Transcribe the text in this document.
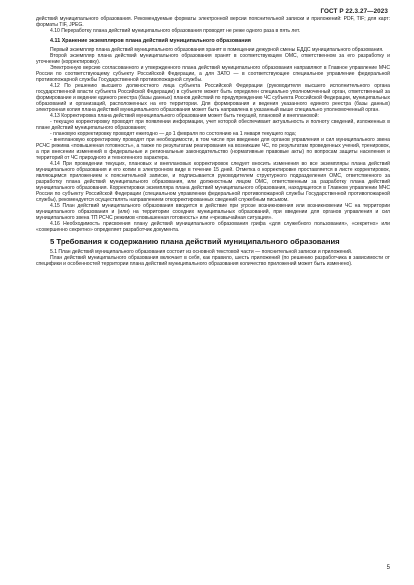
ГОСТ Р 22.3.27—2023

действий муниципального образования. Рекомендуемые форматы электронной версии пояснительной записки и приложений: PDF, TIF; для карт: форматы TIF, JPEG.

4.10 Переработку плана действий муниципального образования проводят не реже одного раза в пять лет.

4.11 Хранение экземпляров плана действий муниципального образования

Первый экземпляр плана действий муниципального образования хранят в помещении дежурной смены ЕДДС муниципального образования.

Второй экземпляр плана действий муниципального образования хранят в соответствующем ОМС, ответственном за его разработку и уточнение (корректировку).

Электронную версию согласованного и утвержденного плана действий муниципального образования направляют в Главное управление МЧС России по соответствующему субъекту Российской Федерации, а для ЗАТО — в соответствующее специальное управление федеральной противопожарной службы Государственной противопожарной службы.

4.12 По решению высшего должностного лица субъекта Российской Федерации (руководителя высшего исполнительного органа государственной власти субъекта Российской Федерации) в субъекте может быть определен специально уполномоченный орган, ответственный за формирование и ведение единого реестра (базы данных) планов действий по предупреждению ЧС субъекта Российской Федерации, муниципальных образований и организаций, расположенных на его территории. Для формирования и ведения указанного единого реестра (базы данных) электронная копия плана действий муниципального образования может быть направлена в указанный выше специально уполномоченный орган.

4.13 Корректировка плана действий муниципального образования может быть текущей, плановой и внеплановой:

- текущую корректировку проводят при появлении информации, учет которой обеспечивает актуальность и полноту сведений, изложенных в плане действий муниципального образования;

- плановую корректировку проводят ежегодно — до 1 февраля по состоянию на 1 января текущего года;

- внеплановую корректировку проводят при необходимости, в том числе при введении для органов управления и сил муниципального звена РСЧС режима «повышенная готовность», а также по результатам реагирования на возникшие ЧС, по результатам проведенных учений, тренировок, а при внесении изменений в федеральные и региональные законодательство (нормативные правовые акты) по вопросам защиты населения и территорий от ЧС природного и техногенного характера.

4.14 При проведении текущих, плановых и внеплановых корректировок следует вносить изменения во все экземпляры плана действий муниципального образования и его копии в электронном виде в течение 15 дней. Отметка о корректировке проставляется в листе корректировок, являющимся приложением к пояснительной записке, и подписывается руководителем структурного подразделения ОМС, ответственного за разработку плана действий муниципального образования, или должностным лицом ОМС, ответственным за разработку плана действий муниципального образования. Корректировки экземпляра плана действий муниципального образования, находящегося в Главном управлении МЧС России по субъекту Российской Федерации (специальном управлении федеральной противопожарной службы Государственной противопожарной службы), рекомендуется осуществлять направлением откорректированных сведений служебным письмом.

4.15 План действий муниципального образования вводится в действие при угрозе возникновения или возникновении ЧС на территории муниципального образования и (или) на территории соседних муниципальных образований, при введении для органов управления и сил муниципального звена ТП РСЧС режимов «повышенная готовность» или «чрезвычайная ситуация».

4.16 Необходимость присвоения плану действий муниципального образования грифа «для служебного пользования», «секретно» или «совершенно секретно» определяет разработчик документа.

5 Требования к содержанию плана действий муниципального образования

5.1 План действий муниципального образования состоит из основной текстовой части — пояснительной записки и приложений.

План действий муниципального образования включает в себя, как правило, шесть приложений (по решению разработчика в зависимости от специфики и особенностей территории плана действий муниципального образования количество приложений может быть изменено).

5
